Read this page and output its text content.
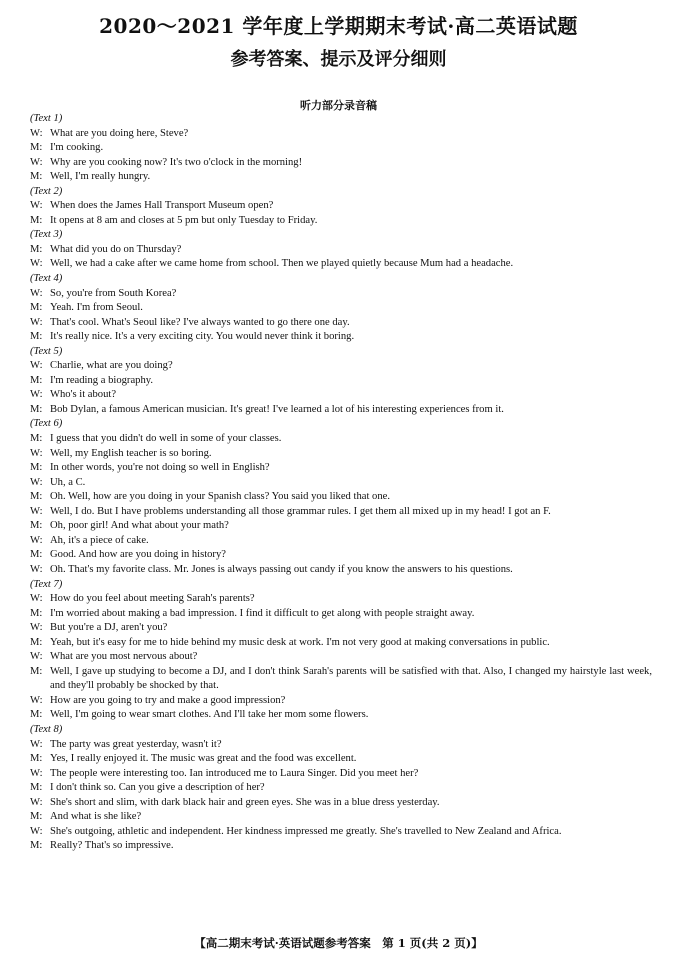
2020～2021 学年度上学期期末考试·高二英语试题
参考答案、提示及评分细则
听力部分录音稿
(Text 1)
W: What are you doing here, Steve?
M: I'm cooking.
W: Why are you cooking now? It's two o'clock in the morning!
M: Well, I'm really hungry.
(Text 2)
W: When does the James Hall Transport Museum open?
M: It opens at 8 am and closes at 5 pm but only Tuesday to Friday.
(Text 3)
M: What did you do on Thursday?
W: Well, we had a cake after we came home from school. Then we played quietly because Mum had a headache.
(Text 4)
W: So, you're from South Korea?
M: Yeah. I'm from Seoul.
W: That's cool. What's Seoul like? I've always wanted to go there one day.
M: It's really nice. It's a very exciting city. You would never think it boring.
(Text 5)
W: Charlie, what are you doing?
M: I'm reading a biography.
W: Who's it about?
M: Bob Dylan, a famous American musician. It's great! I've learned a lot of his interesting experiences from it.
(Text 6)
M: I guess that you didn't do well in some of your classes.
W: Well, my English teacher is so boring.
M: In other words, you're not doing so well in English?
W: Uh, a C.
M: Oh. Well, how are you doing in your Spanish class? You said you liked that one.
W: Well, I do. But I have problems understanding all those grammar rules. I get them all mixed up in my head! I got an F.
M: Oh, poor girl! And what about your math?
W: Ah, it's a piece of cake.
M: Good. And how are you doing in history?
W: Oh. That's my favorite class. Mr. Jones is always passing out candy if you know the answers to his questions.
(Text 7)
W: How do you feel about meeting Sarah's parents?
M: I'm worried about making a bad impression. I find it difficult to get along with people straight away.
W: But you're a DJ, aren't you?
M: Yeah, but it's easy for me to hide behind my music desk at work. I'm not very good at making conversations in public.
W: What are you most nervous about?
M: Well, I gave up studying to become a DJ, and I don't think Sarah's parents will be satisfied with that. Also, I changed my hairstyle last week, and they'll probably be shocked by that.
W: How are you going to try and make a good impression?
M: Well, I'm going to wear smart clothes. And I'll take her mom some flowers.
(Text 8)
W: The party was great yesterday, wasn't it?
M: Yes, I really enjoyed it. The music was great and the food was excellent.
W: The people were interesting too. Ian introduced me to Laura Singer. Did you meet her?
M: I don't think so. Can you give a description of her?
W: She's short and slim, with dark black hair and green eyes. She was in a blue dress yesterday.
M: And what is she like?
W: She's outgoing, athletic and independent. Her kindness impressed me greatly. She's travelled to New Zealand and Africa.
M: Really? That's so impressive.
【高二期末考试·英语试题参考答案　第 1 页(共 2 页)】
